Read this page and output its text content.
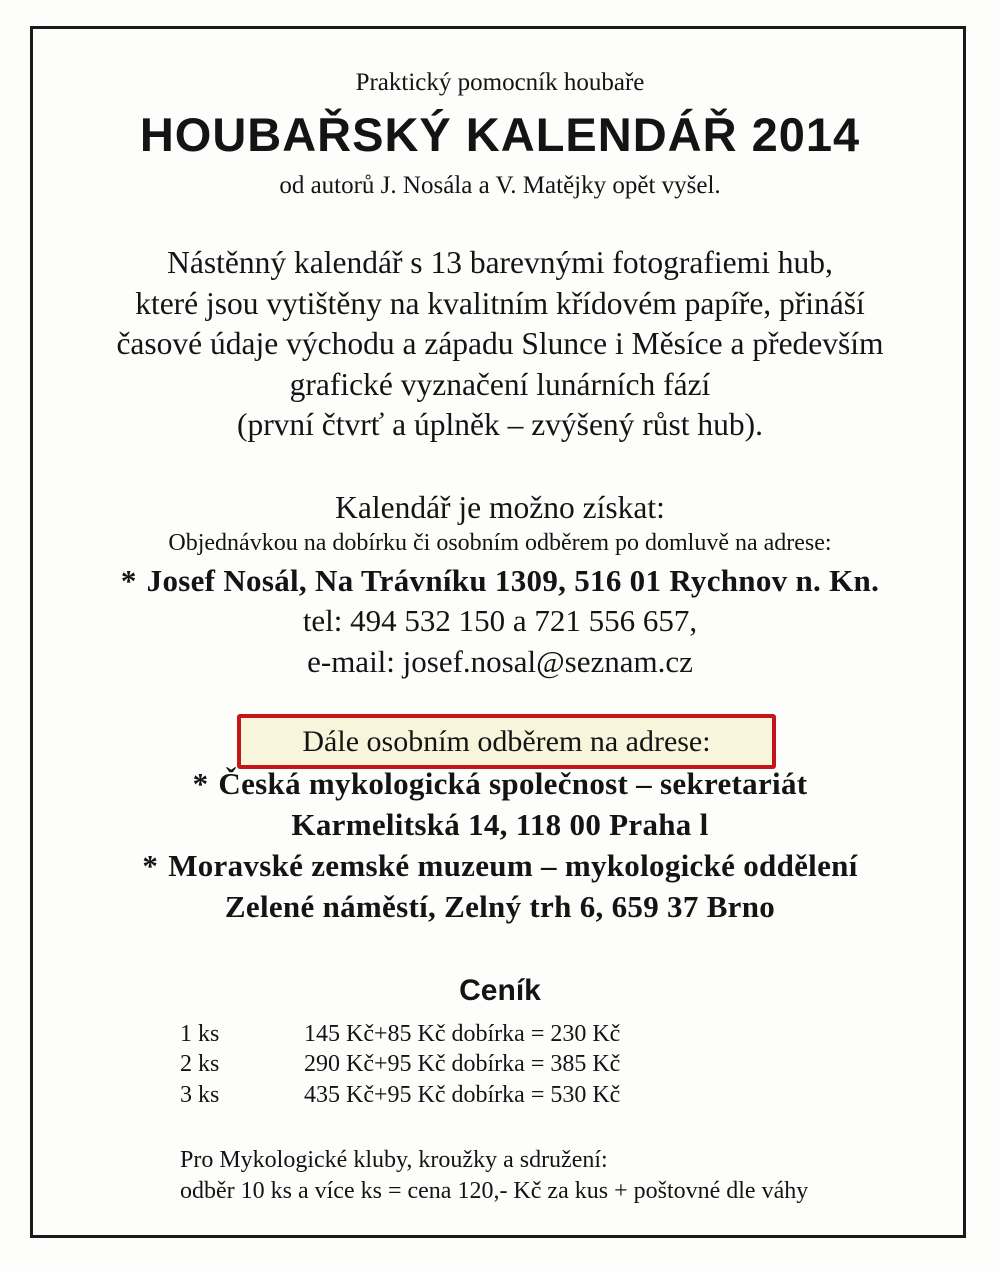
Praktický pomocník houbaře
HOUBAŘSKÝ KALENDÁŘ 2014
od autorů J. Nosála a V. Matějky opět vyšel.
Nástěnný kalendář s 13 barevnými fotografiemi hub,
které jsou vytištěny na kvalitním křídovém papíře, přináší
časové údaje východu a západu Slunce i Měsíce a především
grafické vyznačení lunárních fází
(první čtvrť a úplněk – zvýšený růst hub).
Kalendář je možno získat:
Objednávkou na dobírku či osobním odběrem po domluvě na adrese:
* Josef Nosál, Na Trávníku 1309, 516 01 Rychnov n. Kn.
tel: 494 532 150 a 721 556 657,
e-mail: josef.nosal@seznam.cz
Dále osobním odběrem na adrese:
* Česká mykologická společnost – sekretariát
Karmelitská 14, 118 00 Praha l
* Moravské zemské muzeum – mykologické oddělení
Zelené náměstí, Zelný trh 6, 659 37 Brno
Ceník
1 ks	145 Kč+85 Kč dobírka = 230 Kč
2 ks	290 Kč+95 Kč dobírka = 385 Kč
3 ks	435 Kč+95 Kč dobírka = 530 Kč
Pro Mykologické kluby, kroužky a sdružení:
odběr 10 ks a více ks = cena 120,- Kč za kus + poštovné dle váhy
